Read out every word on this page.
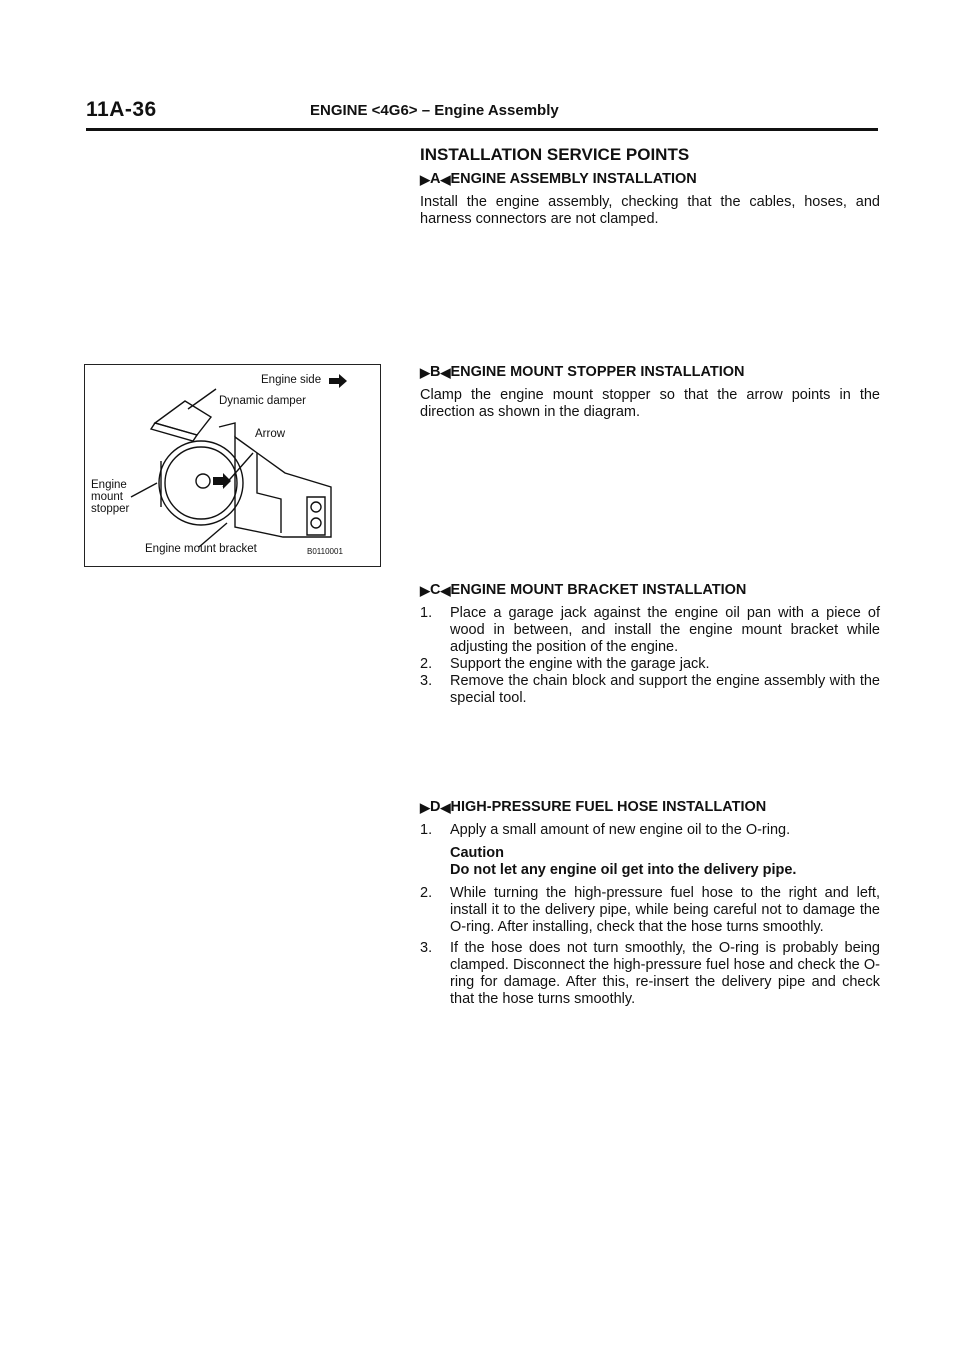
11A-36	ENGINE <4G6> – Engine Assembly
INSTALLATION SERVICE POINTS
▶ A ◀ ENGINE ASSEMBLY INSTALLATION

Install the engine assembly, checking that the cables, hoses, and harness connectors are not clamped.

▶ B ◀ ENGINE MOUNT STOPPER INSTALLATION

Clamp the engine mount stopper so that the arrow points in the direction as shown in the diagram.

▶ C ◀ ENGINE MOUNT BRACKET INSTALLATION
1. Place a garage jack against the engine oil pan with a piece of wood in between, and install the engine mount bracket while adjusting the position of the engine.
2. Support the engine with the garage jack.
3. Remove the chain block and support the engine assembly with the special tool.
▶ D ◀ HIGH-PRESSURE FUEL HOSE INSTALLATION
1. Apply a small amount of new engine oil to the O-ring.
Caution
Do not let any engine oil get into the delivery pipe.
2. While turning the high-pressure fuel hose to the right and left, install it to the delivery pipe, while being careful not to damage the O-ring. After installing, check that the hose turns smoothly.
3. If the hose does not turn smoothly, the O-ring is probably being clamped. Disconnect the high-pressure fuel hose and check the O-ring for damage. After this, re-insert the delivery pipe and check that the hose turns smoothly.
Engine side
Dynamic damper
Arrow
Engine
mount
stopper
Engine mount bracket	B0110001
